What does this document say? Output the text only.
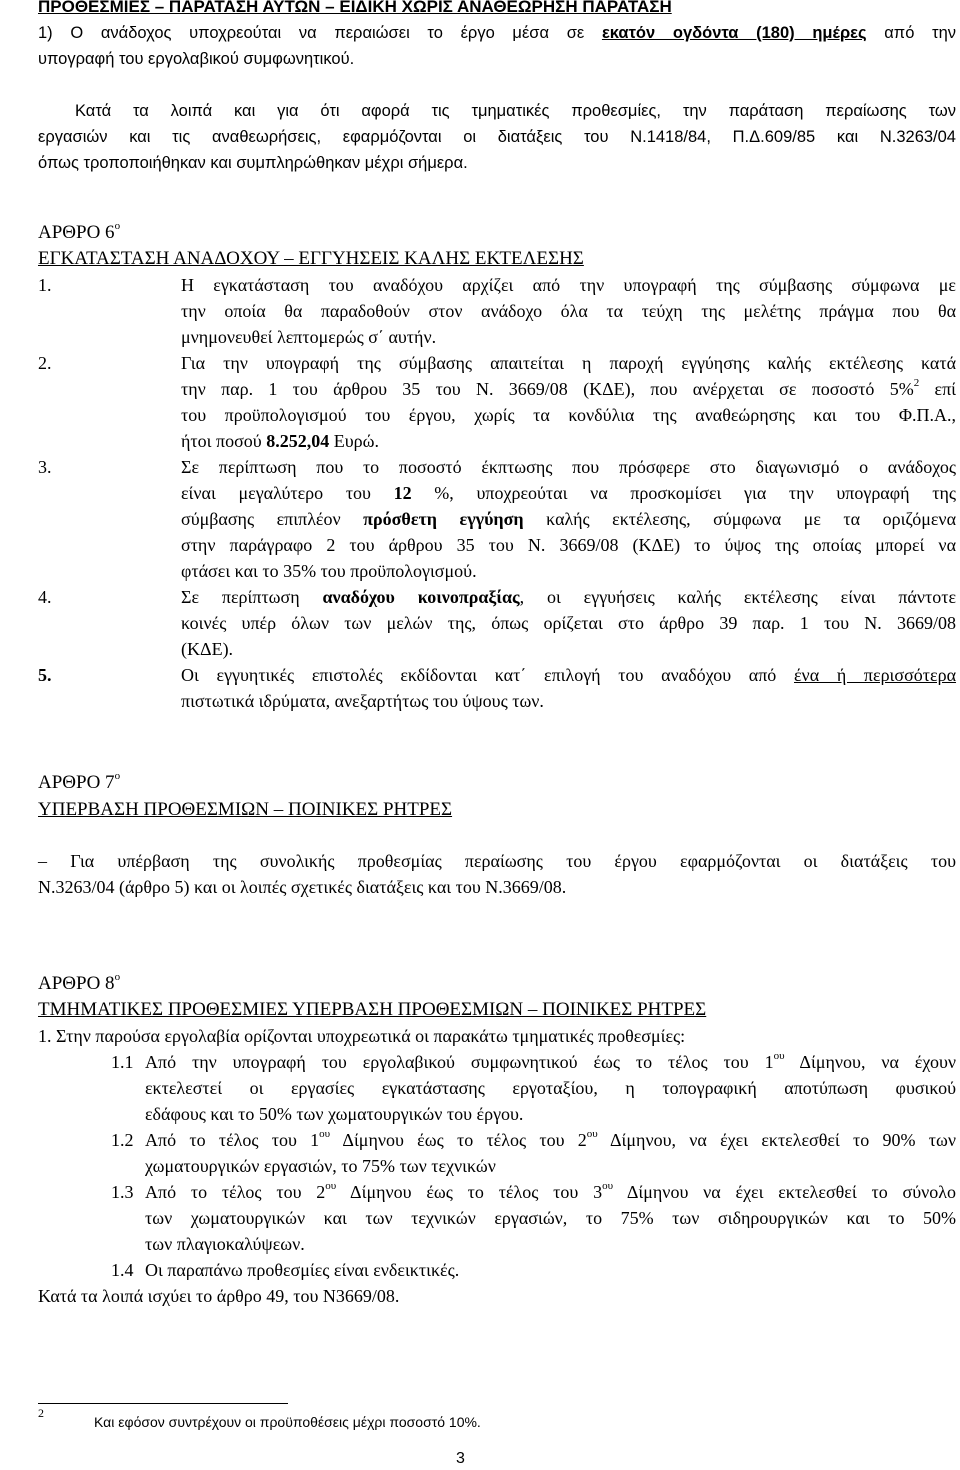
ΠΡΟΘΕΣΜΙΕΣ – ΠΑΡΑΤΑΣΗ ΑΥΤΩΝ – ΕΙΔΙΚΗ ΧΩΡΙΣ ΑΝΑΘΕΩΡΗΣΗ ΠΑΡΑΤΑΣΗ
1) Ο ανάδοχος υποχρεούται να περαιώσει το έργο μέσα σε εκατόν ογδόντα (180) ημέρες από την
υπογραφή του εργολαβικού συμφωνητικού.
Κατά τα λοιπά και για ότι αφορά τις τμηματικές προθεσμίες, την παράταση περαίωσης των
εργασιών και τις αναθεωρήσεις, εφαρμόζονται οι διατάξεις του Ν.1418/84, Π.Δ.609/85 και Ν.3263/04
όπως τροποποιήθηκαν και συμπληρώθηκαν μέχρι σήμερα.
ΑΡΘΡΟ $6^o$
ΕΓΚΑΤΑΣΤΑΣΗ ΑΝΑΔΟΧΟΥ – ΕΓΓΥΗΣΕΙΣ ΚΑΛΗΣ ΕΚΤΕΛΕΣΗΣ
1.	Η εγκατάσταση του αναδόχου αρχίζει από την υπογραφή της σύμβασης σύμφωνα με
την οποία θα παραδοθούν στον ανάδοχο όλα τα τεύχη της μελέτης πράγμα που θα
μνημονευθεί λεπτομερώς σ΄ αυτήν.
2.	Για την υπογραφή της σύμβασης απαιτείται η παροχή εγγύησης καλής εκτέλεσης κατά
την παρ. 1 του άρθρου 35 του Ν. 3669/08 (ΚΔΕ), που ανέρχεται σε ποσοστό 5%$^2$ επί
του προϋπολογισμού του έργου, χωρίς τα κονδύλια της αναθεώρησης και του Φ.Π.Α.,
ήτοι ποσού 8.252,04 Ευρώ.
3.	Σε περίπτωση που το ποσοστό έκπτωσης που πρόσφερε στο διαγωνισμό ο ανάδοχος
είναι μεγαλύτερο του 12 %, υποχρεούται να προσκομίσει για την υπογραφή της
σύμβασης επιπλέον πρόσθετη εγγύηση καλής εκτέλεσης, σύμφωνα με τα οριζόμενα
στην παράγραφο 2 του άρθρου 35 του Ν. 3669/08 (ΚΔΕ) το ύψος της οποίας μπορεί να
φτάσει και το 35% του προϋπολογισμού.
4.	Σε περίπτωση αναδόχου κοινοπραξίας, οι εγγυήσεις καλής εκτέλεσης είναι πάντοτε
κοινές υπέρ όλων των μελών της, όπως ορίζεται στο άρθρο 39 παρ. 1 του Ν. 3669/08
(ΚΔΕ).
5.	Οι εγγυητικές επιστολές εκδίδονται κατ΄ επιλογή του αναδόχου από ένα ή περισσότερα
πιστωτικά ιδρύματα, ανεξαρτήτως του ύψους των.
ΑΡΘΡΟ $7^o$
ΥΠΕΡΒΑΣΗ ΠΡΟΘΕΣΜΙΩΝ – ΠΟΙΝΙΚΕΣ ΡΗΤΡΕΣ
– Για υπέρβαση της συνολικής προθεσμίας περαίωσης του έργου εφαρμόζονται οι διατάξεις του
Ν.3263/04 (άρθρο 5) και οι λοιπές σχετικές διατάξεις και του Ν.3669/08.
ΑΡΘΡΟ $8^o$
ΤΜΗΜΑΤΙΚΕΣ ΠΡΟΘΕΣΜΙΕΣ ΥΠΕΡΒΑΣΗ ΠΡΟΘΕΣΜΙΩΝ – ΠΟΙΝΙΚΕΣ ΡΗΤΡΕΣ
1. Στην παρούσα εργολαβία ορίζονται υποχρεωτικά οι παρακάτω τμηματικές προθεσμίες:
1.1 Από την υπογραφή του εργολαβικού συμφωνητικού έως το τέλος του $1^{o\upsilon}$ Δίμηνου, να έχουν
εκτελεστεί οι εργασίες εγκατάστασης εργοταξίου, η τοπογραφική αποτύπωση φυσικού
εδάφους και το 50% των χωματουργικών του έργου.
1.2 Από το τέλος του $1^{o\upsilon}$ Δίμηνου έως το τέλος του $2^{o\upsilon}$ Δίμηνου, να έχει εκτελεσθεί το 90% των
χωματουργικών εργασιών, το 75% των τεχνικών
1.3 Από το τέλος του $2^{o\upsilon}$ Δίμηνου έως το τέλος του $3^{o\upsilon}$ Δίμηνου να έχει εκτελεσθεί το σύνολο
των χωματουργικών και των τεχνικών εργασιών, το 75% των σιδηρουργικών και το 50%
των πλαγιοκαλύψεων.
1.4 Οι παραπάνω προθεσμίες είναι ενδεικτικές.
Κατά τα λοιπά ισχύει το άρθρο 49, του Ν3669/08.
2
Και εφόσον συντρέχουν οι προϋποθέσεις μέχρι ποσοστό 10%.
3
